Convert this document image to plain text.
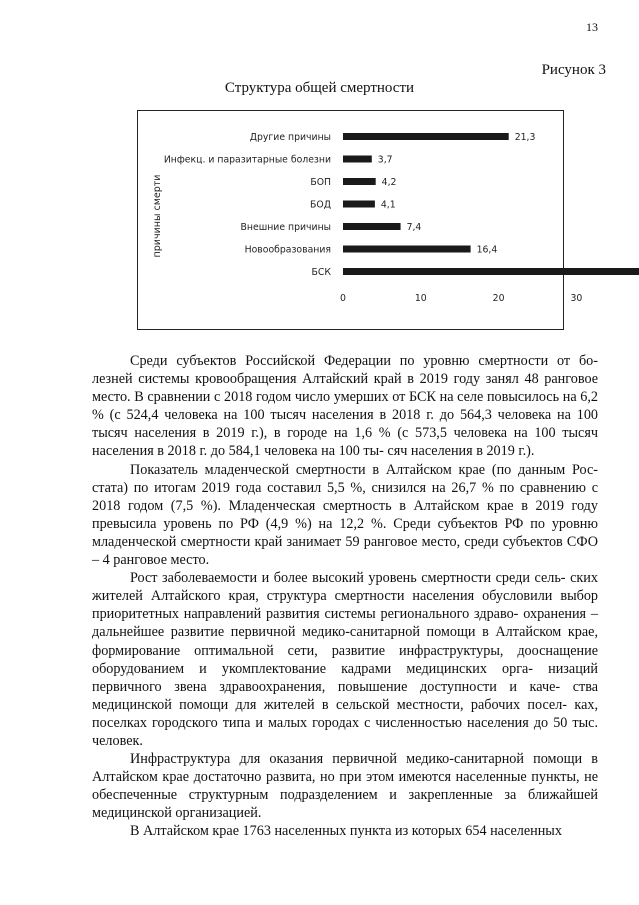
13
Рисунок 3
Структура общей смертности
причины смерти
Другие причины	21,3
Инфекц. и паразитарные болезни	3,7
БОП	4,2
БОД	4,1
Внешние причины	7,4
Новообразования	16,4
БСК
0	10	20	30

Среди субъектов Российской Федерации по уровню смертности от бо- лезней системы кровообращения Алтайский край в 2019 году занял 48 ранговое место. В сравнении с 2018 годом число умерших от БСК на селе повысилось на 6,2 % (с 524,4 человека на 100 тысяч населения в 2018 г. до 564,3 человека на 100 тысяч населения в 2019 г.), в городе на 1,6 % (с 573,5 человека на 100 тысяч населения в 2018 г. до 584,1 человека на 100 ты- сяч населения в 2019 г.).

Показатель младенческой смертности в Алтайском крае (по данным Рос- стата) по итогам 2019 года составил 5,5 %, снизился на 26,7 % по сравнению с 2018 годом (7,5 %). Младенческая смертность в Алтайском крае в 2019 году превысила уровень по РФ (4,9 %) на 12,2 %. Среди субъектов РФ по уровню младенческой смертности край занимает 59 ранговое место, среди субъектов СФО – 4 ранговое место.

Рост заболеваемости и более высокий уровень смертности среди сель- ских жителей Алтайского края, структура смертности населения обусловили выбор приоритетных направлений развития системы регионального здраво- охранения – дальнейшее развитие первичной медико-санитарной помощи в Алтайском крае, формирование оптимальной сети, развитие инфраструктуры, дооснащение оборудованием и укомплектование кадрами медицинских орга- низаций первичного звена здравоохранения, повышение доступности и каче- ства медицинской помощи для жителей в сельской местности, рабочих посел- ках, поселках городского типа и малых городах с численностью населения до 50 тыс. человек.

Инфраструктура для оказания первичной медико-санитарной помощи в Алтайском крае достаточно развита, но при этом имеются населенные пункты, не обеспеченные структурным подразделением и закрепленные за ближайшей медицинской организацией.

В Алтайском крае 1763 населенных пункта из которых 654 населенных
